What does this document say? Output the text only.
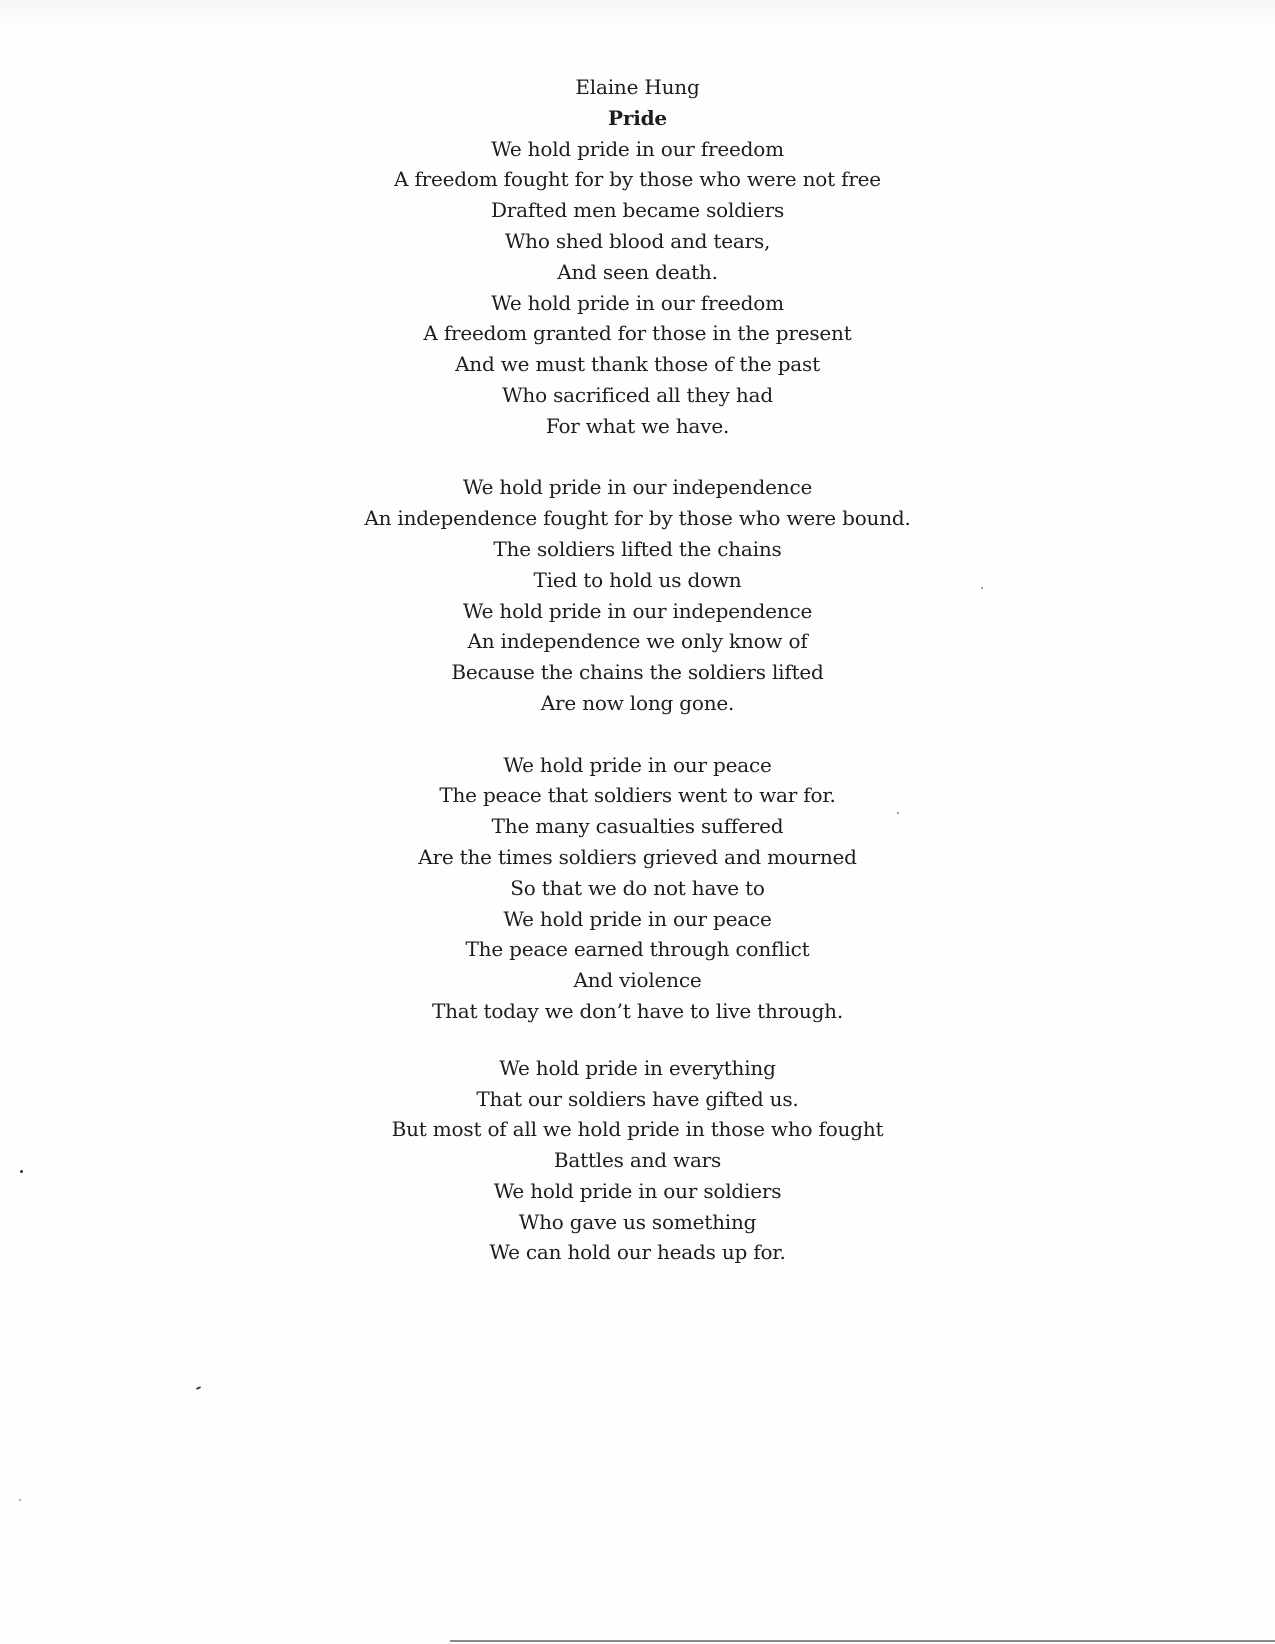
Elaine Hung
Pride
We hold pride in our freedom
A freedom fought for by those who were not free
Drafted men became soldiers
Who shed blood and tears,
And seen death.
We hold pride in our freedom
A freedom granted for those in the present
And we must thank those of the past
Who sacrificed all they had
For what we have.
We hold pride in our independence
An independence fought for by those who were bound.
The soldiers lifted the chains
Tied to hold us down
We hold pride in our independence
An independence we only know of
Because the chains the soldiers lifted
Are now long gone.
We hold pride in our peace
The peace that soldiers went to war for.
The many casualties suffered
Are the times soldiers grieved and mourned
So that we do not have to
We hold pride in our peace
The peace earned through conflict
And violence
That today we don’t have to live through.
We hold pride in everything
That our soldiers have gifted us.
But most of all we hold pride in those who fought
Battles and wars
We hold pride in our soldiers
Who gave us something
We can hold our heads up for.
